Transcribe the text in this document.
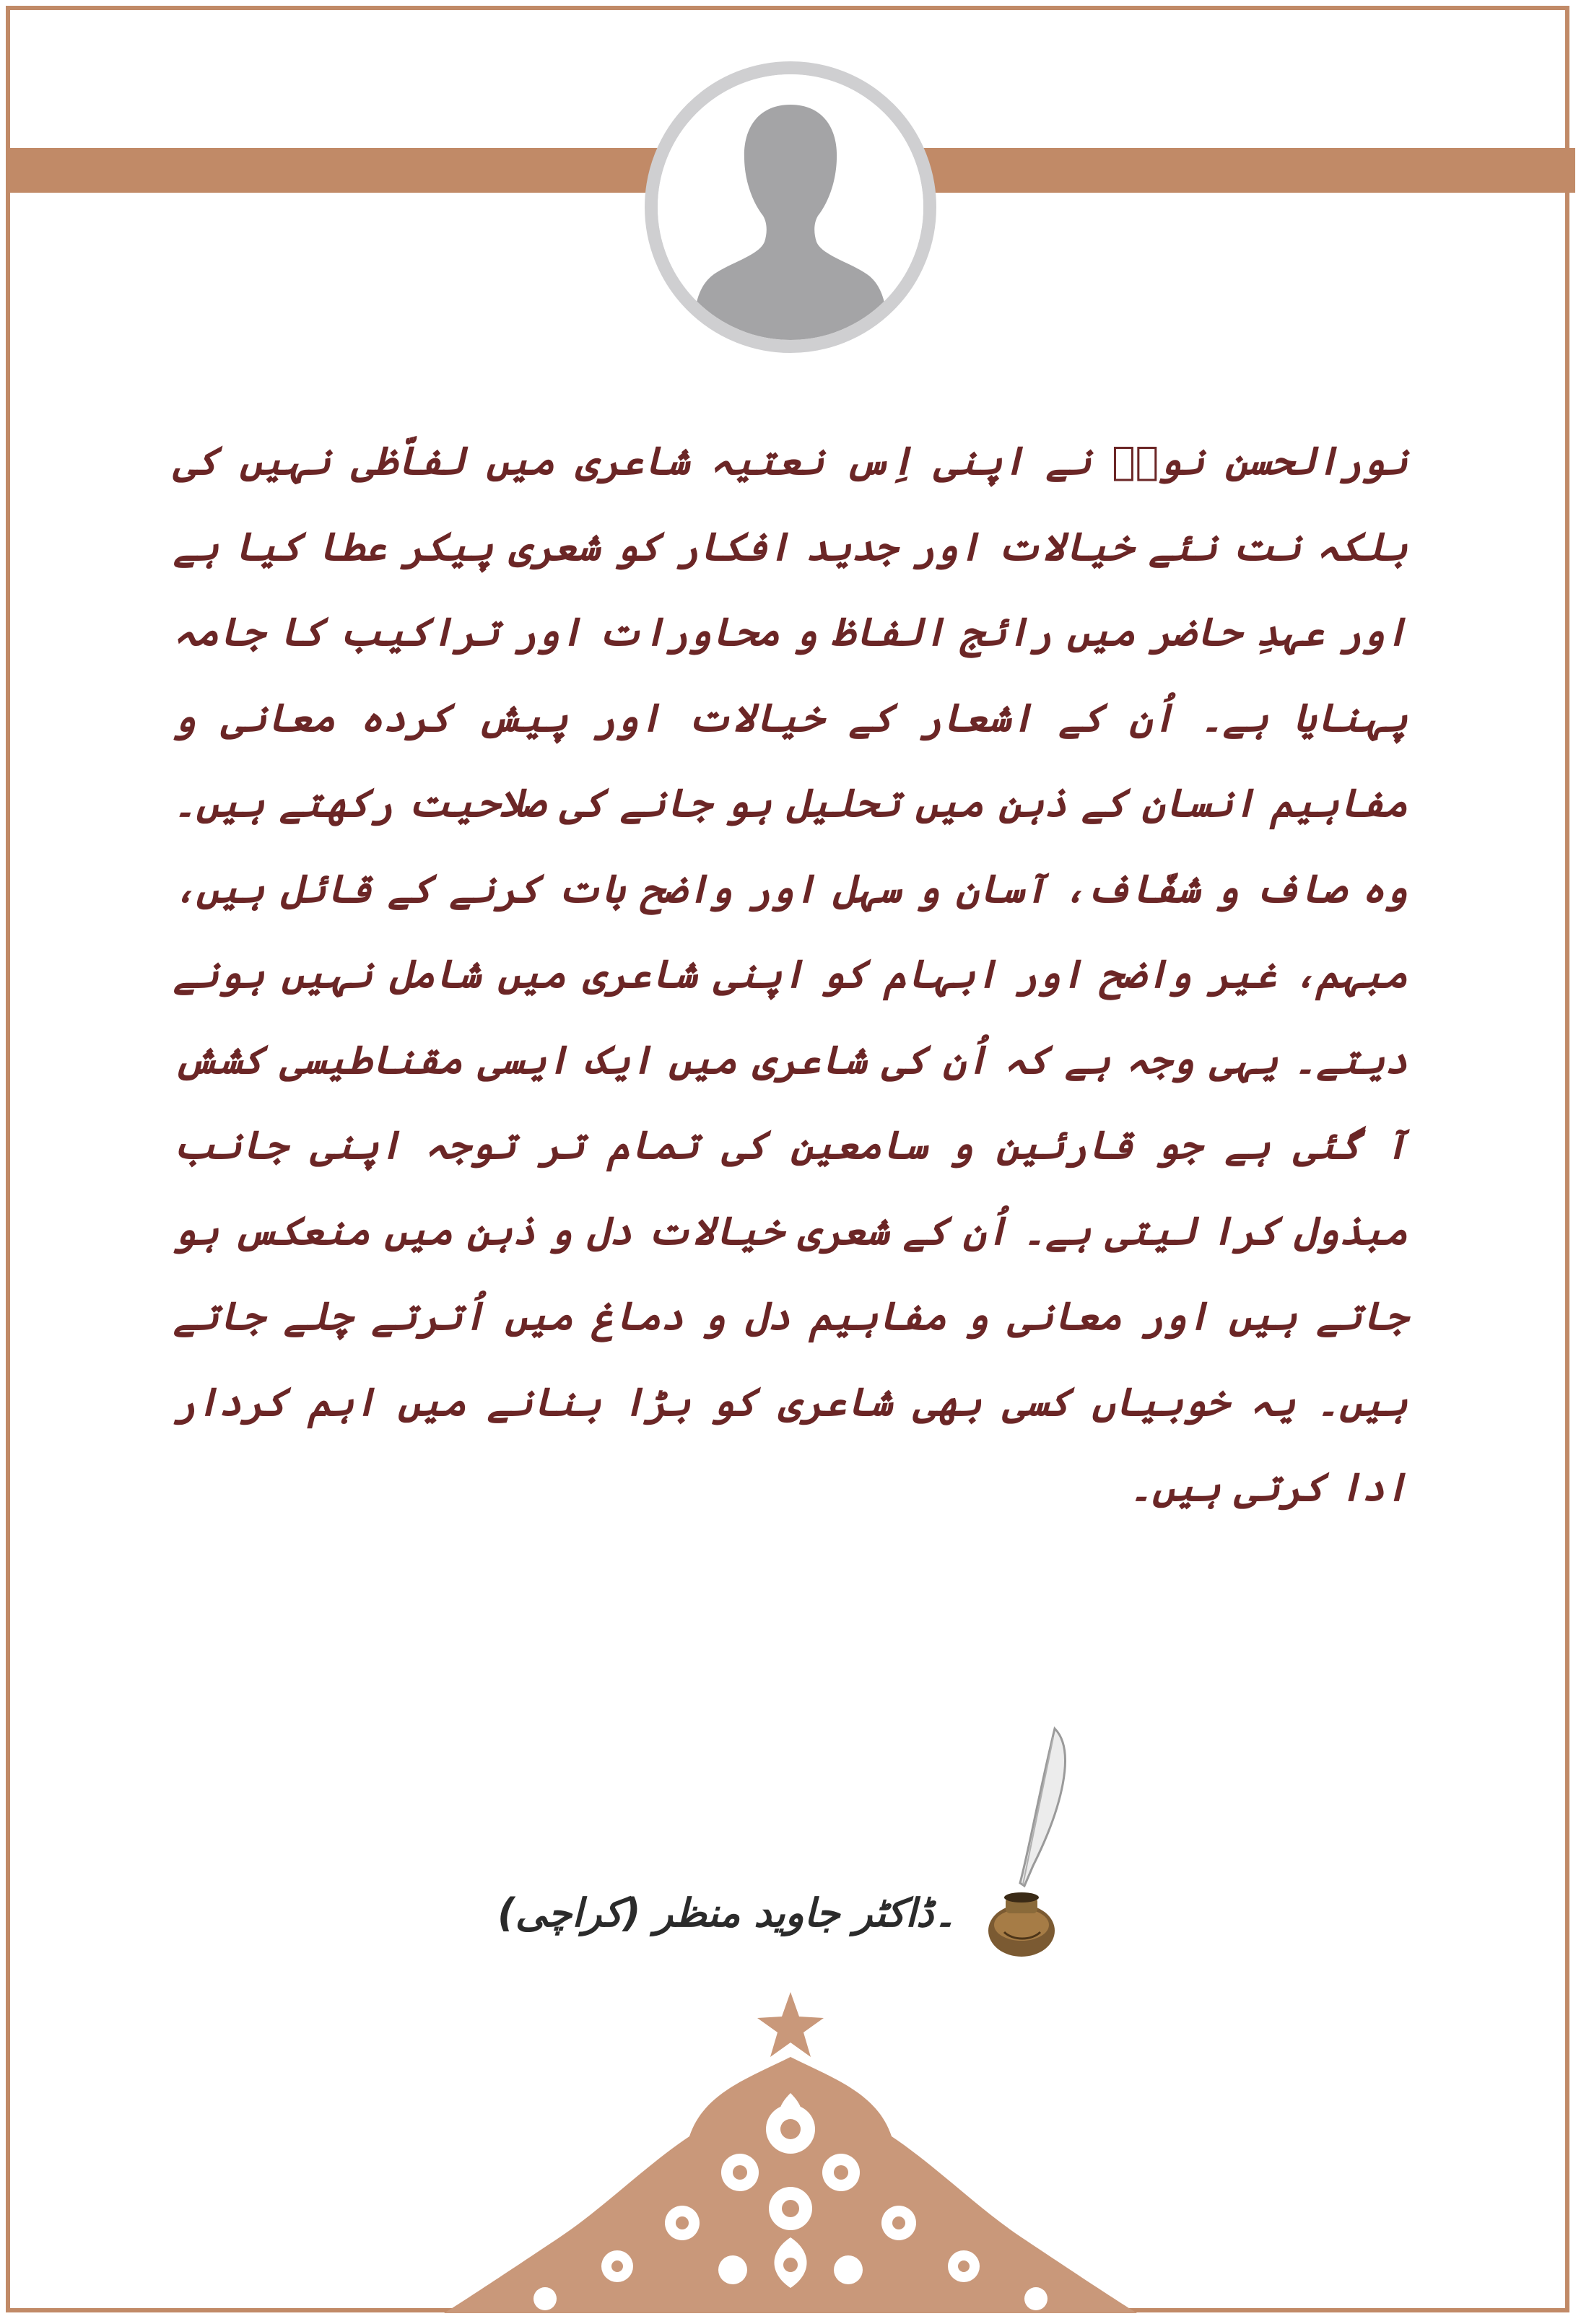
نورالحسن نورؔ نے اپنی اِس نعتیہ شاعری میں لفاّظی نہیں کی بلکہ نت نئے خیالات اور جدید افکار کو شعری پیکر عطا کیا ہے اور عہدِ حاضر میں رائج الفاظ و محاورات اور تراکیب کا جامہ پہنایا ہے۔ اُن کے اشعار کے خیالات اور پیش کردہ معانی و مفاہیم انسان کے ذہن میں تحلیل ہو جانے کی صلاحیت رکھتے ہیں۔ وہ صاف و شفّاف، آسان و سہل اور واضح بات کرنے کے قائل ہیں، مبہم، غیر واضح اور ابہام کو اپنی شاعری میں شامل نہیں ہونے دیتے۔ یہی وجہ ہے کہ اُن کی شاعری میں ایک ایسی مقناطیسی کشش آ گئی ہے جو قارئین و سامعین کی تمام تر توجہ اپنی جانب مبذول کرا لیتی ہے۔ اُن کے شعری خیالات دل و ذہن میں منعکس ہو جاتے ہیں اور معانی و مفاہیم دل و دماغ میں اُترتے چلے جاتے ہیں۔ یہ خوبیاں کسی بھی شاعری کو بڑا بنانے میں اہم کردار ادا کرتی ہیں۔
۔ڈاکٹر جاوید منظر (کراچی)
